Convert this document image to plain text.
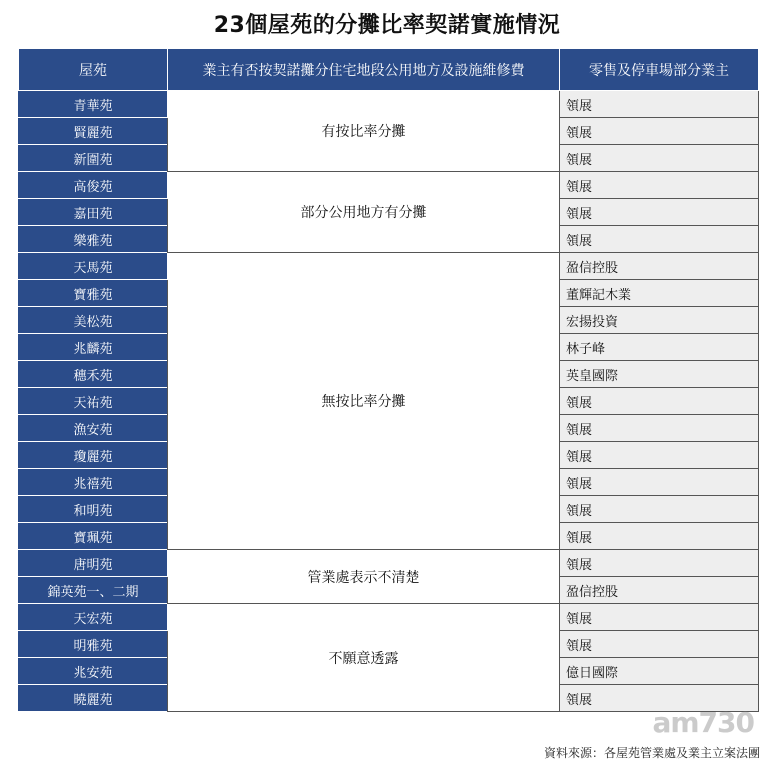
23個屋苑的分攤比率契諾實施情況
屋苑	業主有否按契諾攤分住宅地段公用地方及設施維修費	零售及停車場部分業主
青華苑	有按比率分攤	領展
賢麗苑		領展
新圍苑		領展
高俊苑	部分公用地方有分攤	領展
嘉田苑		領展
樂雅苑		領展
天馬苑	無按比率分攤	盈信控股
寶雅苑		董輝記木業
美松苑		宏揚投資
兆麟苑		林子峰
穗禾苑		英皇國際
天祐苑		領展
漁安苑		領展
瓊麗苑		領展
兆禧苑		領展
和明苑		領展
寶珮苑		領展
唐明苑	管業處表示不清楚	領展
錦英苑一、二期		盈信控股
天宏苑	不願意透露	領展
明雅苑		領展
兆安苑		億日國際
曉麗苑		領展
am730
資料來源：各屋苑管業處及業主立案法團
